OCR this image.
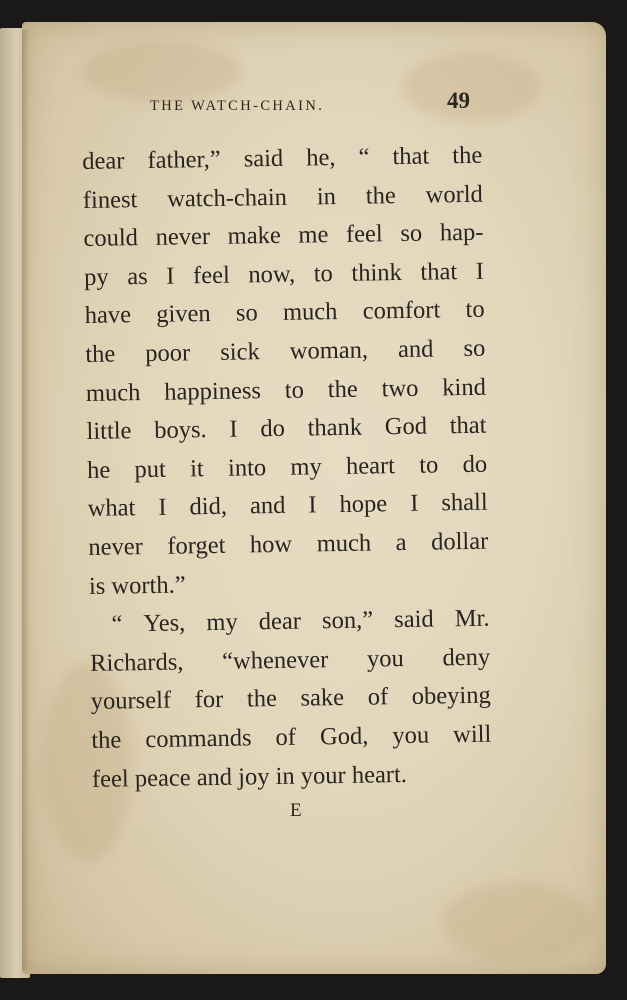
THE WATCH-CHAIN.	49
dear father,” said he, “ that the
finest watch-chain in the world
could never make me feel so hap-
py as I feel now, to think that I
have given so much comfort to
the poor sick woman, and so
much happiness to the two kind
little boys. I do thank God that
he put it into my heart to do
what I did, and I hope I shall
never forget how much a dollar
is worth.”
“ Yes, my dear son,” said Mr.
Richards, “whenever you deny
yourself for the sake of obeying
the commands of God, you will
feel peace and joy in your heart.
E
